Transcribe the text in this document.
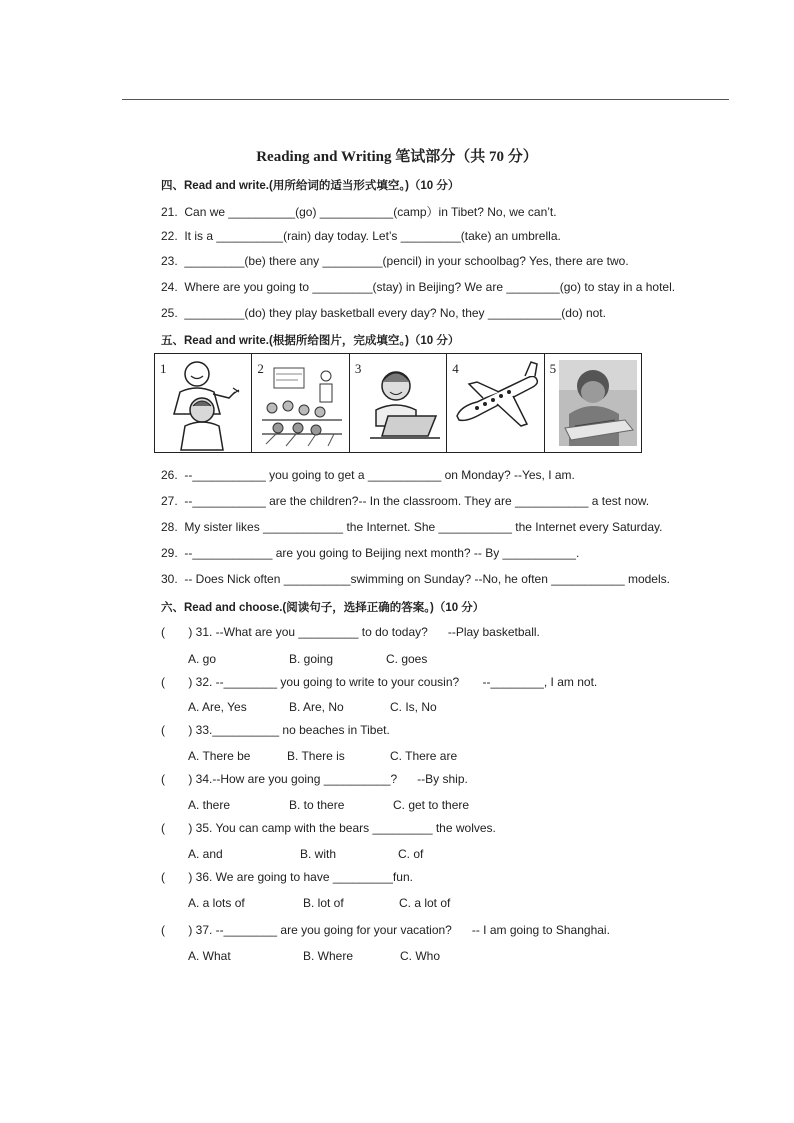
Reading and Writing 笔试部分（共 70 分）
四、Read and write.(用所给词的适当形式填空。)（10 分）
21.  Can we __________(go) ___________(camp）in Tibet? No, we can’t.
22.  It is a __________(rain) day today. Let’s _________(take) an umbrella.
23.  _________(be) there any _________(pencil) in your schoolbag? Yes, there are two.
24.  Where are you going to _________(stay) in Beijing? We are ________(go) to stay in a hotel.
25.  _________(do) they play basketball every day? No, they ___________(do) not.
五、Read and write.(根据所给图片，完成填空。)（10 分）
1	2	3	4	5
26.  --___________ you going to get a ___________ on Monday? --Yes, I am.
27.  --___________ are the children?-- In the classroom. They are ___________ a test now.
28.  My sister likes ____________ the Internet. She ___________ the Internet every Saturday.
29.  --____________ are you going to Beijing next month? -- By ___________.
30.  -- Does Nick often __________swimming on Sunday? --No, he often ___________ models.
六、Read and choose.(阅读句子，选择正确的答案。)（10 分）
(       ) 31. --What are you _________ to do today?      --Play basketball.
A. go	B. going	C. goes
(       ) 32. --________ you going to write to your cousin?       --________, I am not.
A. Are, Yes	B. Are, No	C. Is, No
(       ) 33.__________ no beaches in Tibet.
A. There be	B. There is	C. There are
(       ) 34.--How are you going __________?      --By ship.
A. there	B. to there	C. get to there
(       ) 35. You can camp with the bears _________ the wolves.
A. and	B. with	C. of
(       ) 36. We are going to have _________fun.
A. a lots of	B. lot of	C. a lot of
(       ) 37. --________ are you going for your vacation?      -- I am going to Shanghai.
A. What	B. Where	C. Who
